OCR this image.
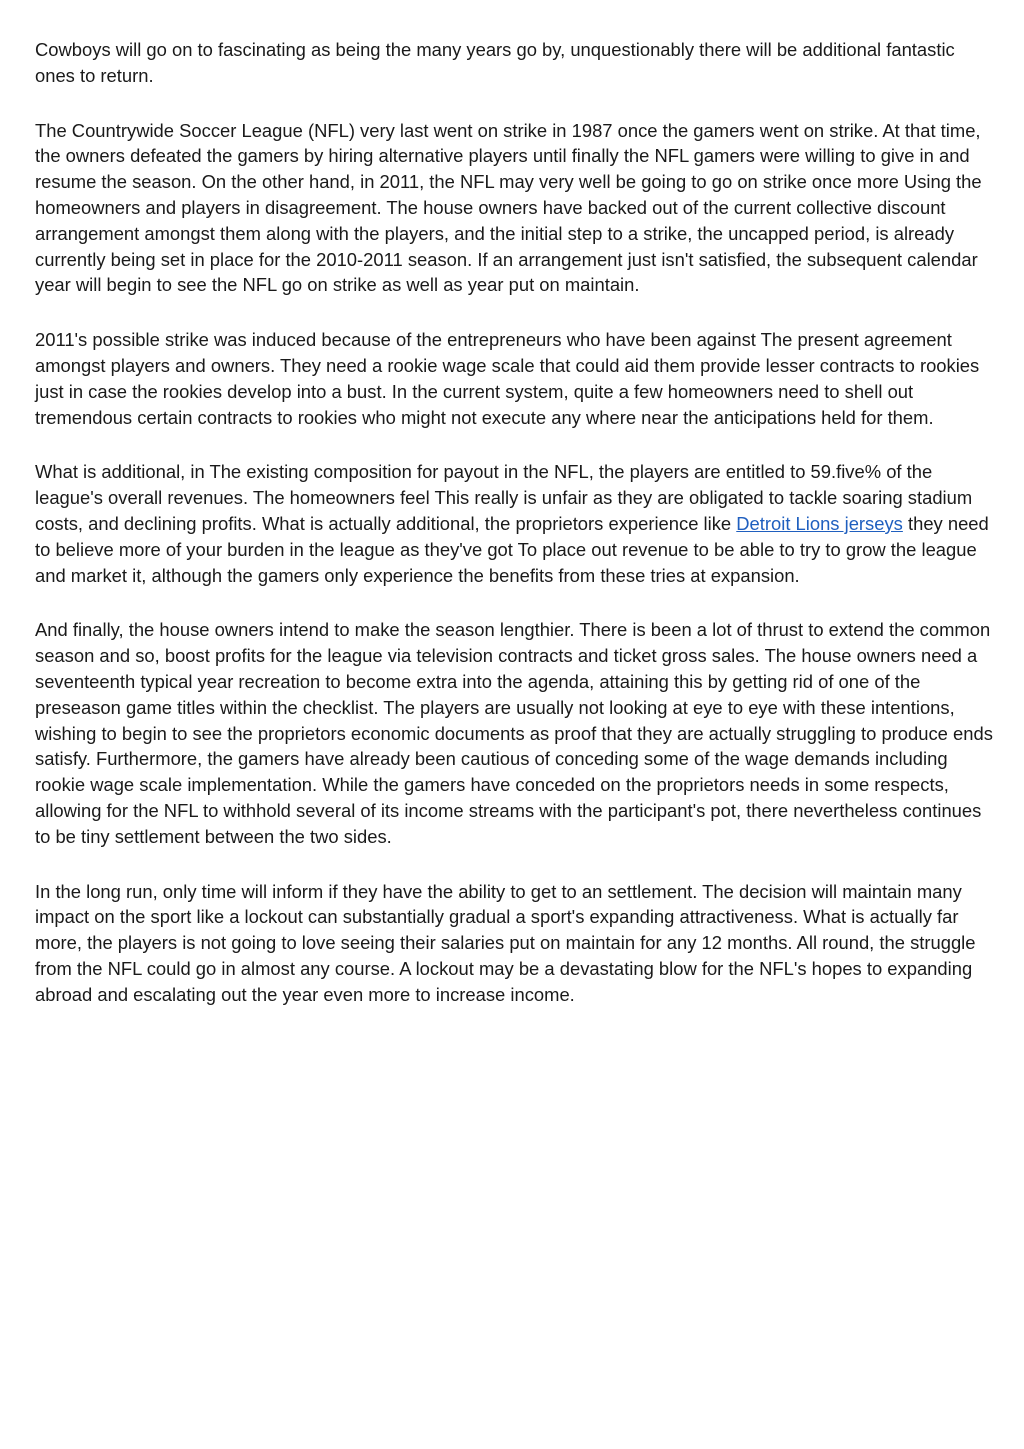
Cowboys will go on to fascinating as being the many years go by, unquestionably there will be additional fantastic ones to return.

The Countrywide Soccer League (NFL) very last went on strike in 1987 once the gamers went on strike. At that time, the owners defeated the gamers by hiring alternative players until finally the NFL gamers were willing to give in and resume the season. On the other hand, in 2011, the NFL may very well be going to go on strike once more Using the homeowners and players in disagreement. The house owners have backed out of the current collective discount arrangement amongst them along with the players, and the initial step to a strike, the uncapped period, is already currently being set in place for the 2010-2011 season. If an arrangement just isn't satisfied, the subsequent calendar year will begin to see the NFL go on strike as well as year put on maintain.

2011's possible strike was induced because of the entrepreneurs who have been against The present agreement amongst players and owners. They need a rookie wage scale that could aid them provide lesser contracts to rookies just in case the rookies develop into a bust. In the current system, quite a few homeowners need to shell out tremendous certain contracts to rookies who might not execute any where near the anticipations held for them.

What is additional, in The existing composition for payout in the NFL, the players are entitled to 59.five% of the league's overall revenues. The homeowners feel This really is unfair as they are obligated to tackle soaring stadium costs, and declining profits. What is actually additional, the proprietors experience like Detroit Lions jerseys they need to believe more of your burden in the league as they've got To place out revenue to be able to try to grow the league and market it, although the gamers only experience the benefits from these tries at expansion.

And finally, the house owners intend to make the season lengthier. There is been a lot of thrust to extend the common season and so, boost profits for the league via television contracts and ticket gross sales. The house owners need a seventeenth typical year recreation to become extra into the agenda, attaining this by getting rid of one of the preseason game titles within the checklist. The players are usually not looking at eye to eye with these intentions, wishing to begin to see the proprietors economic documents as proof that they are actually struggling to produce ends satisfy. Furthermore, the gamers have already been cautious of conceding some of the wage demands including rookie wage scale implementation. While the gamers have conceded on the proprietors needs in some respects, allowing for the NFL to withhold several of its income streams with the participant's pot, there nevertheless continues to be tiny settlement between the two sides.

In the long run, only time will inform if they have the ability to get to an settlement. The decision will maintain many impact on the sport like a lockout can substantially gradual a sport's expanding attractiveness. What is actually far more, the players is not going to love seeing their salaries put on maintain for any 12 months. All round, the struggle from the NFL could go in almost any course. A lockout may be a devastating blow for the NFL's hopes to expanding abroad and escalating out the year even more to increase income.
